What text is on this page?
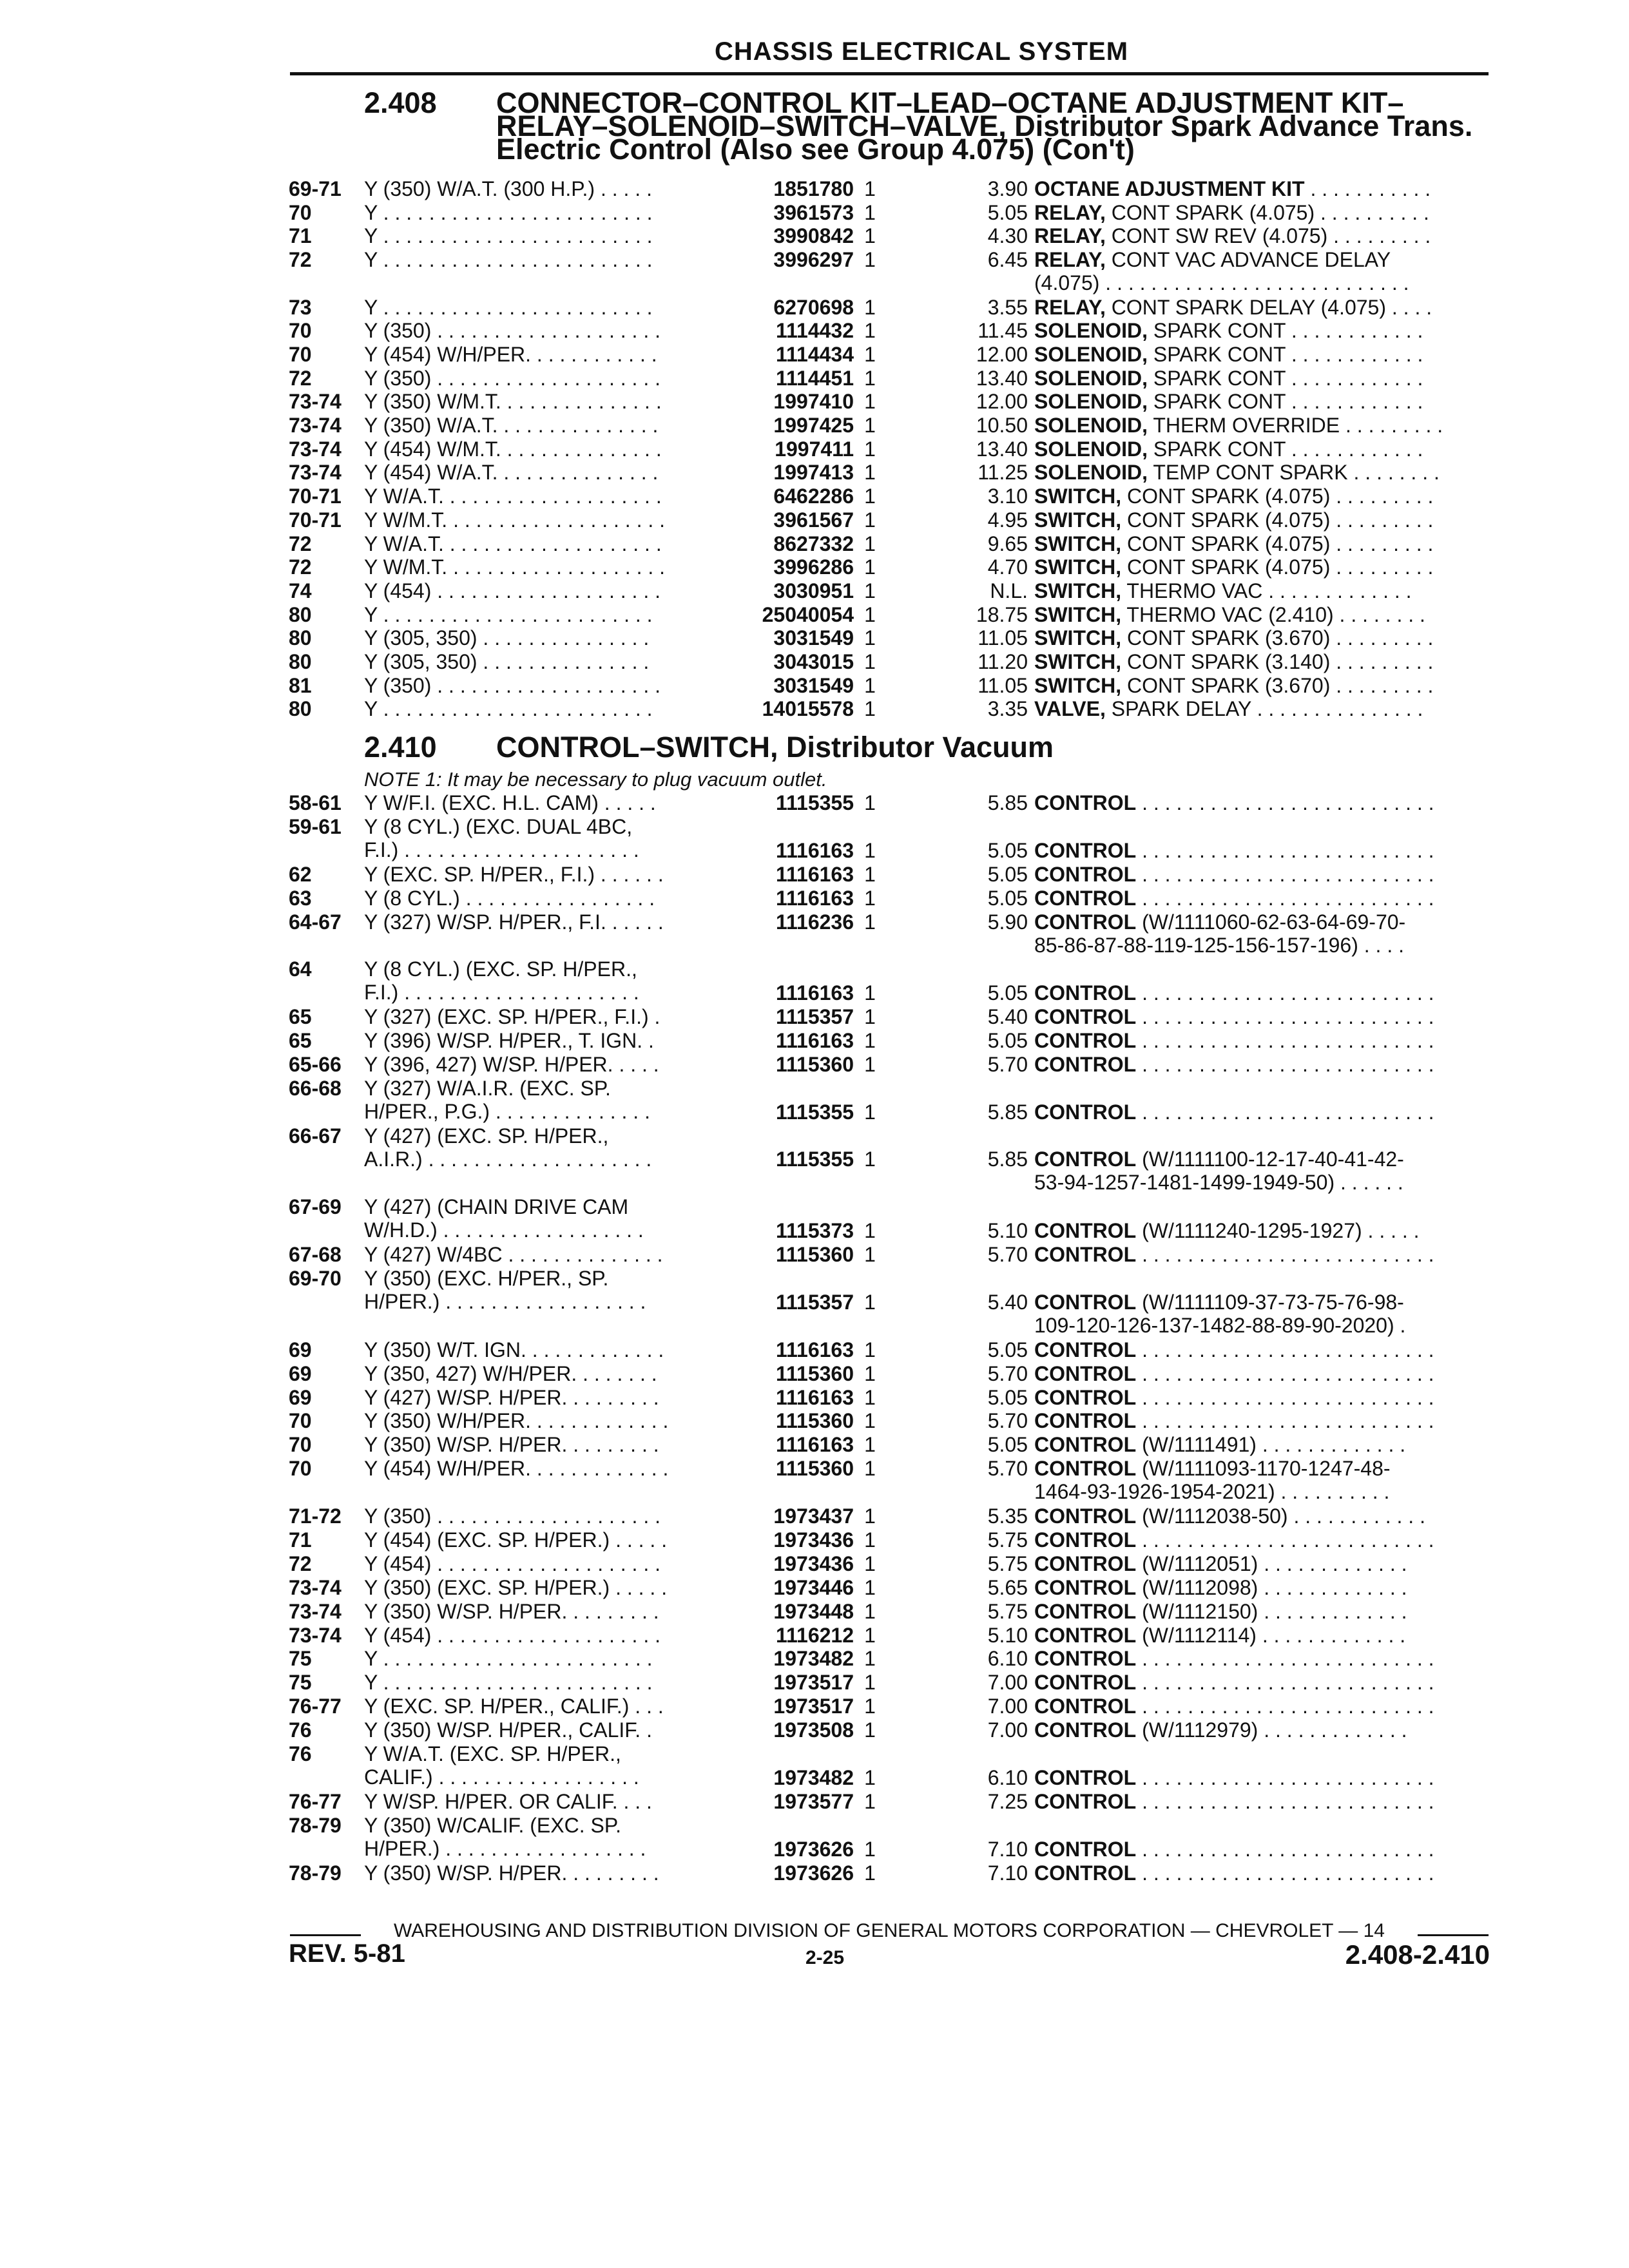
CHASSIS ELECTRICAL SYSTEM
2.408	CONNECTOR–CONTROL KIT–LEAD–OCTANE ADJUSTMENT KIT–
RELAY–SOLENOID–SWITCH–VALVE, Distributor Spark Advance Trans.
Electric Control (Also see Group 4.075) (Con't)
69-71	Y (350) W/A.T. (300 H.P.) . . . . .	1851780 1	3.90 OCTANE ADJUSTMENT KIT . . . . . . . . . . .
70	Y . . . . . . . . . . . . . . . . . . . . . . . .	3961573 1	5.05 RELAY, CONT SPARK (4.075) . . . . . . . . . .
71	Y . . . . . . . . . . . . . . . . . . . . . . . .	3990842 1	4.30 RELAY, CONT SW REV (4.075) . . . . . . . . .
72	Y . . . . . . . . . . . . . . . . . . . . . . . .	3996297 1	6.45 RELAY, CONT VAC ADVANCE DELAY
(4.075) . . . . . . . . . . . . . . . . . . . . . . . . . . .
73	Y . . . . . . . . . . . . . . . . . . . . . . . .	6270698 1	3.55 RELAY, CONT SPARK DELAY (4.075) . . . .
70	Y (350) . . . . . . . . . . . . . . . . . . . .	1114432 1	11.45 SOLENOID, SPARK CONT . . . . . . . . . . . .
70	Y (454) W/H/PER. . . . . . . . . . . .	1114434 1	12.00 SOLENOID, SPARK CONT . . . . . . . . . . . .
72	Y (350) . . . . . . . . . . . . . . . . . . . .	1114451 1	13.40 SOLENOID, SPARK CONT . . . . . . . . . . . .
73-74	Y (350) W/M.T. . . . . . . . . . . . . . .	1997410 1	12.00 SOLENOID, SPARK CONT . . . . . . . . . . . .
73-74	Y (350) W/A.T. . . . . . . . . . . . . . .	1997425 1	10.50 SOLENOID, THERM OVERRIDE . . . . . . . . .
73-74	Y (454) W/M.T. . . . . . . . . . . . . . .	1997411 1	13.40 SOLENOID, SPARK CONT . . . . . . . . . . . .
73-74	Y (454) W/A.T. . . . . . . . . . . . . . .	1997413 1	11.25 SOLENOID, TEMP CONT SPARK . . . . . . . .
70-71	Y W/A.T. . . . . . . . . . . . . . . . . . . .	6462286 1	3.10 SWITCH, CONT SPARK (4.075) . . . . . . . . .
70-71	Y W/M.T. . . . . . . . . . . . . . . . . . . .	3961567 1	4.95 SWITCH, CONT SPARK (4.075) . . . . . . . . .
72	Y W/A.T. . . . . . . . . . . . . . . . . . . .	8627332 1	9.65 SWITCH, CONT SPARK (4.075) . . . . . . . . .
72	Y W/M.T. . . . . . . . . . . . . . . . . . . .	3996286 1	4.70 SWITCH, CONT SPARK (4.075) . . . . . . . . .
74	Y (454) . . . . . . . . . . . . . . . . . . . .	3030951 1	N.L. SWITCH, THERMO VAC . . . . . . . . . . . . .
80	Y . . . . . . . . . . . . . . . . . . . . . . . .	25040054 1	18.75 SWITCH, THERMO VAC (2.410) . . . . . . . .
80	Y (305, 350) . . . . . . . . . . . . . . .	3031549 1	11.05 SWITCH, CONT SPARK (3.670) . . . . . . . . .
80	Y (305, 350) . . . . . . . . . . . . . . .	3043015 1	11.20 SWITCH, CONT SPARK (3.140) . . . . . . . . .
81	Y (350) . . . . . . . . . . . . . . . . . . . .	3031549 1	11.05 SWITCH, CONT SPARK (3.670) . . . . . . . . .
80	Y . . . . . . . . . . . . . . . . . . . . . . . .	14015578 1	3.35 VALVE, SPARK DELAY . . . . . . . . . . . . . . .
2.410	CONTROL–SWITCH, Distributor Vacuum
NOTE 1: It may be necessary to plug vacuum outlet.
58-61	Y W/F.I. (EXC. H.L. CAM) . . . . .	1115355 1	5.85 CONTROL . . . . . . . . . . . . . . . . . . . . . . . . . .
59-61	Y (8 CYL.) (EXC. DUAL 4BC,
F.I.) . . . . . . . . . . . . . . . . . . . . .	1116163 1	5.05 CONTROL . . . . . . . . . . . . . . . . . . . . . . . . . .
62	Y (EXC. SP. H/PER., F.I.) . . . . . .	1116163 1	5.05 CONTROL . . . . . . . . . . . . . . . . . . . . . . . . . .
63	Y (8 CYL.) . . . . . . . . . . . . . . . . .	1116163 1	5.05 CONTROL . . . . . . . . . . . . . . . . . . . . . . . . . .
64-67	Y (327) W/SP. H/PER., F.I. . . . . .	1116236 1	5.90 CONTROL (W/1111060-62-63-64-69-70-
85-86-87-88-119-125-156-157-196) . . . .
64	Y (8 CYL.) (EXC. SP. H/PER.,
F.I.) . . . . . . . . . . . . . . . . . . . . .	1116163 1	5.05 CONTROL . . . . . . . . . . . . . . . . . . . . . . . . . .
65	Y (327) (EXC. SP. H/PER., F.I.) .	1115357 1	5.40 CONTROL . . . . . . . . . . . . . . . . . . . . . . . . . .
65	Y (396) W/SP. H/PER., T. IGN. .	1116163 1	5.05 CONTROL . . . . . . . . . . . . . . . . . . . . . . . . . .
65-66	Y (396, 427) W/SP. H/PER. . . . .	1115360 1	5.70 CONTROL . . . . . . . . . . . . . . . . . . . . . . . . . .
66-68	Y (327) W/A.I.R. (EXC. SP.
H/PER., P.G.) . . . . . . . . . . . . . .	1115355 1	5.85 CONTROL . . . . . . . . . . . . . . . . . . . . . . . . . .
66-67	Y (427) (EXC. SP. H/PER.,
A.I.R.) . . . . . . . . . . . . . . . . . . . .	1115355 1	5.85 CONTROL (W/1111100-12-17-40-41-42-
53-94-1257-1481-1499-1949-50) . . . . . .
67-69	Y (427) (CHAIN DRIVE CAM
W/H.D.) . . . . . . . . . . . . . . . . . .	1115373 1	5.10 CONTROL (W/1111240-1295-1927) . . . . .
67-68	Y (427) W/4BC . . . . . . . . . . . . . .	1115360 1	5.70 CONTROL . . . . . . . . . . . . . . . . . . . . . . . . . .
69-70	Y (350) (EXC. H/PER., SP.
H/PER.) . . . . . . . . . . . . . . . . . .	1115357 1	5.40 CONTROL (W/1111109-37-73-75-76-98-
109-120-126-137-1482-88-89-90-2020) .
69	Y (350) W/T. IGN. . . . . . . . . . . . .	1116163 1	5.05 CONTROL . . . . . . . . . . . . . . . . . . . . . . . . . .
69	Y (350, 427) W/H/PER. . . . . . . .	1115360 1	5.70 CONTROL . . . . . . . . . . . . . . . . . . . . . . . . . .
69	Y (427) W/SP. H/PER. . . . . . . . .	1116163 1	5.05 CONTROL . . . . . . . . . . . . . . . . . . . . . . . . . .
70	Y (350) W/H/PER. . . . . . . . . . . . .	1115360 1	5.70 CONTROL . . . . . . . . . . . . . . . . . . . . . . . . . .
70	Y (350) W/SP. H/PER. . . . . . . . .	1116163 1	5.05 CONTROL (W/1111491) . . . . . . . . . . . . .
70	Y (454) W/H/PER. . . . . . . . . . . . .	1115360 1	5.70 CONTROL (W/1111093-1170-1247-48-
1464-93-1926-1954-2021) . . . . . . . . . .
71-72	Y (350) . . . . . . . . . . . . . . . . . . . .	1973437 1	5.35 CONTROL (W/1112038-50) . . . . . . . . . . . .
71	Y (454) (EXC. SP. H/PER.) . . . . .	1973436 1	5.75 CONTROL . . . . . . . . . . . . . . . . . . . . . . . . . .
72	Y (454) . . . . . . . . . . . . . . . . . . . .	1973436 1	5.75 CONTROL (W/1112051) . . . . . . . . . . . . .
73-74	Y (350) (EXC. SP. H/PER.) . . . . .	1973446 1	5.65 CONTROL (W/1112098) . . . . . . . . . . . . .
73-74	Y (350) W/SP. H/PER. . . . . . . . .	1973448 1	5.75 CONTROL (W/1112150) . . . . . . . . . . . . .
73-74	Y (454) . . . . . . . . . . . . . . . . . . . .	1116212 1	5.10 CONTROL (W/1112114) . . . . . . . . . . . . .
75	Y . . . . . . . . . . . . . . . . . . . . . . . .	1973482 1	6.10 CONTROL . . . . . . . . . . . . . . . . . . . . . . . . . .
75	Y . . . . . . . . . . . . . . . . . . . . . . . .	1973517 1	7.00 CONTROL . . . . . . . . . . . . . . . . . . . . . . . . . .
76-77	Y (EXC. SP. H/PER., CALIF.) . . .	1973517 1	7.00 CONTROL . . . . . . . . . . . . . . . . . . . . . . . . . .
76	Y (350) W/SP. H/PER., CALIF. .	1973508 1	7.00 CONTROL (W/1112979) . . . . . . . . . . . . .
76	Y W/A.T. (EXC. SP. H/PER.,
CALIF.) . . . . . . . . . . . . . . . . . .	1973482 1	6.10 CONTROL . . . . . . . . . . . . . . . . . . . . . . . . . .
76-77	Y W/SP. H/PER. OR CALIF. . . .	1973577 1	7.25 CONTROL . . . . . . . . . . . . . . . . . . . . . . . . . .
78-79	Y (350) W/CALIF. (EXC. SP.
H/PER.) . . . . . . . . . . . . . . . . . .	1973626 1	7.10 CONTROL . . . . . . . . . . . . . . . . . . . . . . . . . .
78-79	Y (350) W/SP. H/PER. . . . . . . . .	1973626 1	7.10 CONTROL . . . . . . . . . . . . . . . . . . . . . . . . . .
WAREHOUSING AND DISTRIBUTION DIVISION OF GENERAL MOTORS CORPORATION — CHEVROLET — 14
REV. 5-81	2-25	2.408-2.410
